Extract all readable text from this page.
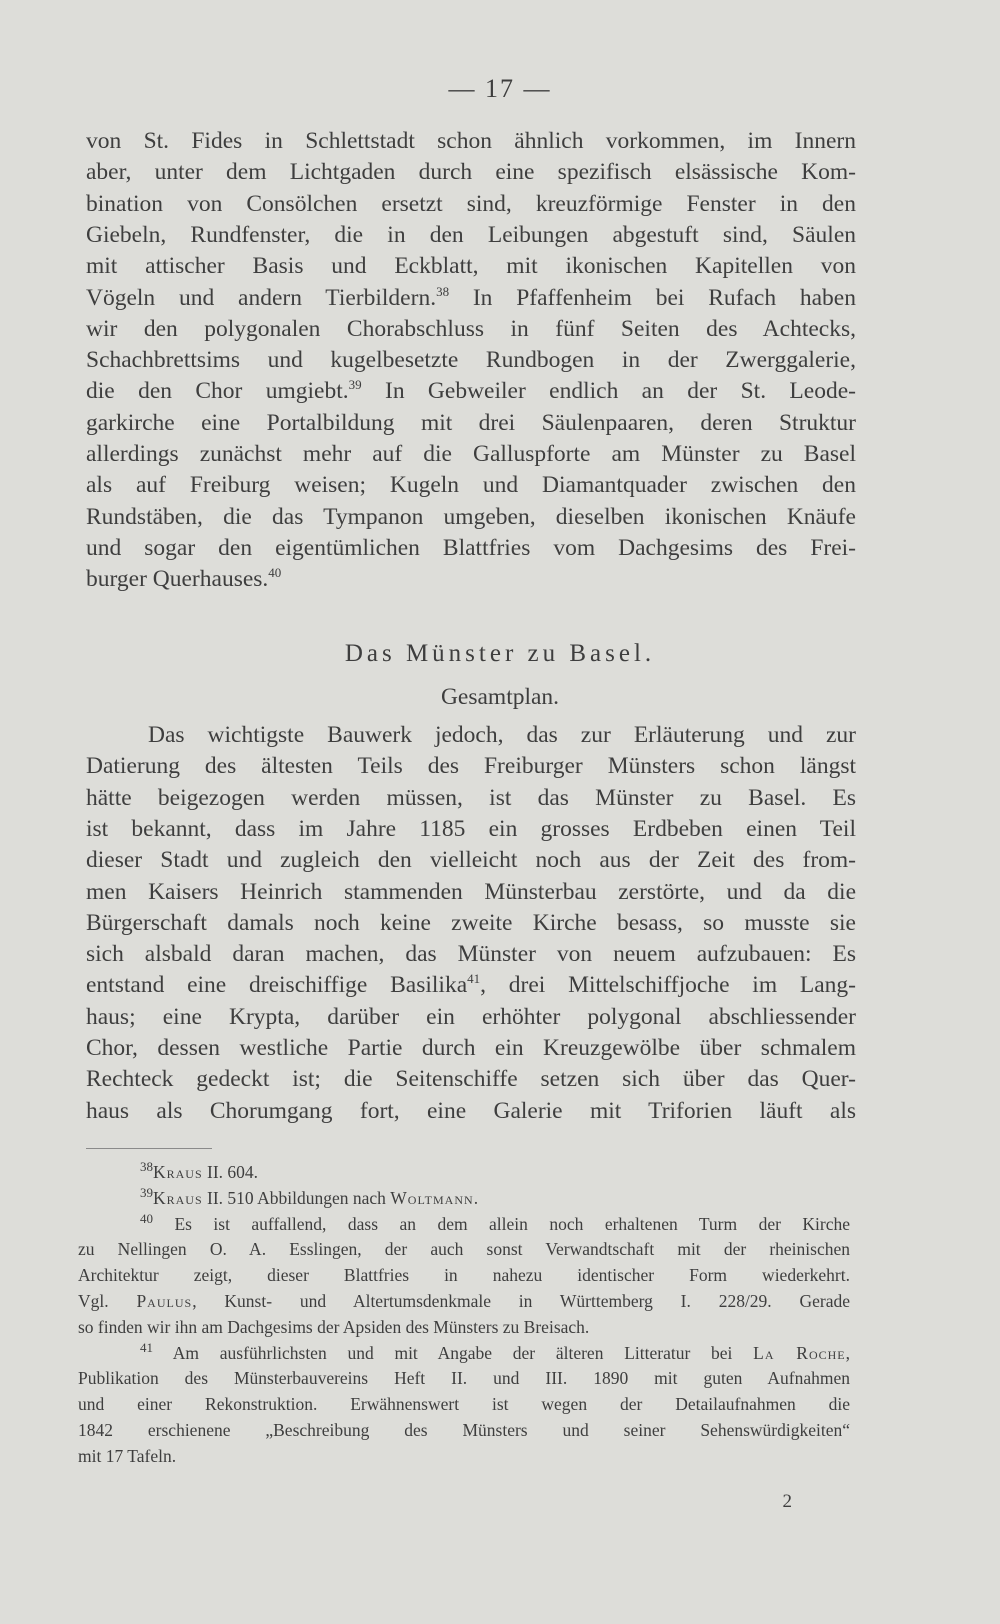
— 17 —
von St. Fides in Schlettstadt schon ähnlich vorkommen, im Innern
aber, unter dem Lichtgaden durch eine spezifisch elsässische Kom-
bination von Consölchen ersetzt sind, kreuzförmige Fenster in den
Giebeln, Rundfenster, die in den Leibungen abgestuft sind, Säulen
mit attischer Basis und Eckblatt, mit ikonischen Kapitellen von
Vögeln und andern Tierbildern.$^{38}$ In Pfaffenheim bei Rufach haben
wir den polygonalen Chorabschluss in fünf Seiten des Achtecks,
Schachbrettsims und kugelbesetzte Rundbogen in der Zwerggalerie,
die den Chor umgiebt.$^{39}$ In Gebweiler endlich an der St. Leode-
garkirche eine Portalbildung mit drei Säulenpaaren, deren Struktur
allerdings zunächst mehr auf die Galluspforte am Münster zu Basel
als auf Freiburg weisen; Kugeln und Diamantquader zwischen den
Rundstäben, die das Tympanon umgeben, dieselben ikonischen Knäufe
und sogar den eigentümlichen Blattfries vom Dachgesims des Frei-
burger Querhauses.$^{40}$
Das Münster zu Basel.
Gesamtplan.
Das wichtigste Bauwerk jedoch, das zur Erläuterung und zur
Datierung des ältesten Teils des Freiburger Münsters schon längst
hätte beigezogen werden müssen, ist das Münster zu Basel. Es
ist bekannt, dass im Jahre 1185 ein grosses Erdbeben einen Teil
dieser Stadt und zugleich den vielleicht noch aus der Zeit des from-
men Kaisers Heinrich stammenden Münsterbau zerstörte, und da die
Bürgerschaft damals noch keine zweite Kirche besass, so musste sie
sich alsbald daran machen, das Münster von neuem aufzubauen: Es
entstand eine dreischiffige Basilika$^{41}$, drei Mittelschiffjoche im Lang-
haus; eine Krypta, darüber ein erhöhter polygonal abschliessender
Chor, dessen westliche Partie durch ein Kreuzgewölbe über schmalem
Rechteck gedeckt ist; die Seitenschiffe setzen sich über das Quer-
haus als Chorumgang fort, eine Galerie mit Triforien läuft als
$^{38}$Kraus II. 604.
$^{39}$Kraus II. 510 Abbildungen nach Woltmann.
$^{40}$ Es ist auffallend, dass an dem allein noch erhaltenen Turm der Kirche
zu Nellingen O. A. Esslingen, der auch sonst Verwandtschaft mit der rheinischen
Architektur zeigt, dieser Blattfries in nahezu identischer Form wiederkehrt.
Vgl. Paulus, Kunst- und Altertumsdenkmale in Württemberg I. 228/29. Gerade
so finden wir ihn am Dachgesims der Apsiden des Münsters zu Breisach.
$^{41}$ Am ausführlichsten und mit Angabe der älteren Litteratur bei La Roche,
Publikation des Münsterbauvereins Heft II. und III. 1890 mit guten Aufnahmen
und einer Rekonstruktion. Erwähnenswert ist wegen der Detailaufnahmen die
1842 erschienene „Beschreibung des Münsters und seiner Sehenswürdigkeiten“
mit 17 Tafeln.
2
